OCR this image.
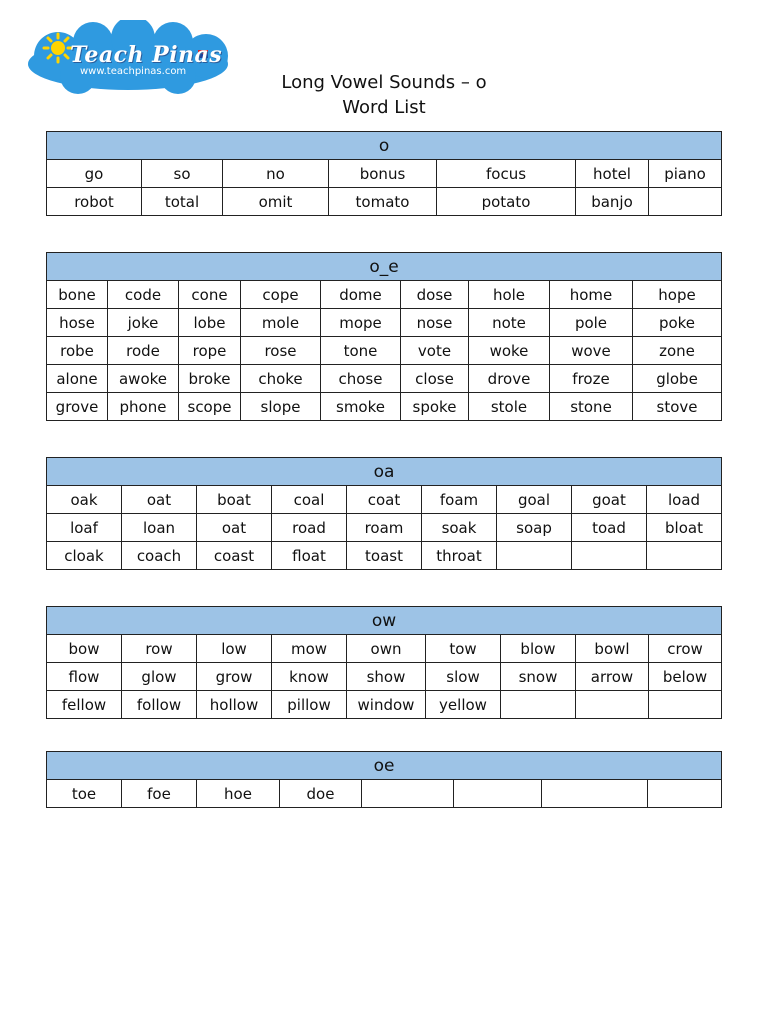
Teach Pinas
www.teachpinas.com
Long Vowel Sounds – o
Word List
o						
go	so	no	bonus	focus	hotel	piano
robot	total	omit	tomato	potato	banjo	
o_e								
bone	code	cone	cope	dome	dose	hole	home	hope
hose	joke	lobe	mole	mope	nose	note	pole	poke
robe	rode	rope	rose	tone	vote	woke	wove	zone
alone	awoke	broke	choke	chose	close	drove	froze	globe
grove	phone	scope	slope	smoke	spoke	stole	stone	stove
oa								
oak	oat	boat	coal	coat	foam	goal	goat	load
loaf	loan	oat	road	roam	soak	soap	toad	bloat
cloak	coach	coast	float	toast	throat			
ow								
bow	row	low	mow	own	tow	blow	bowl	crow
flow	glow	grow	know	show	slow	snow	arrow	below
fellow	follow	hollow	pillow	window	yellow			
oe
toe	foe	hoe	doe				
